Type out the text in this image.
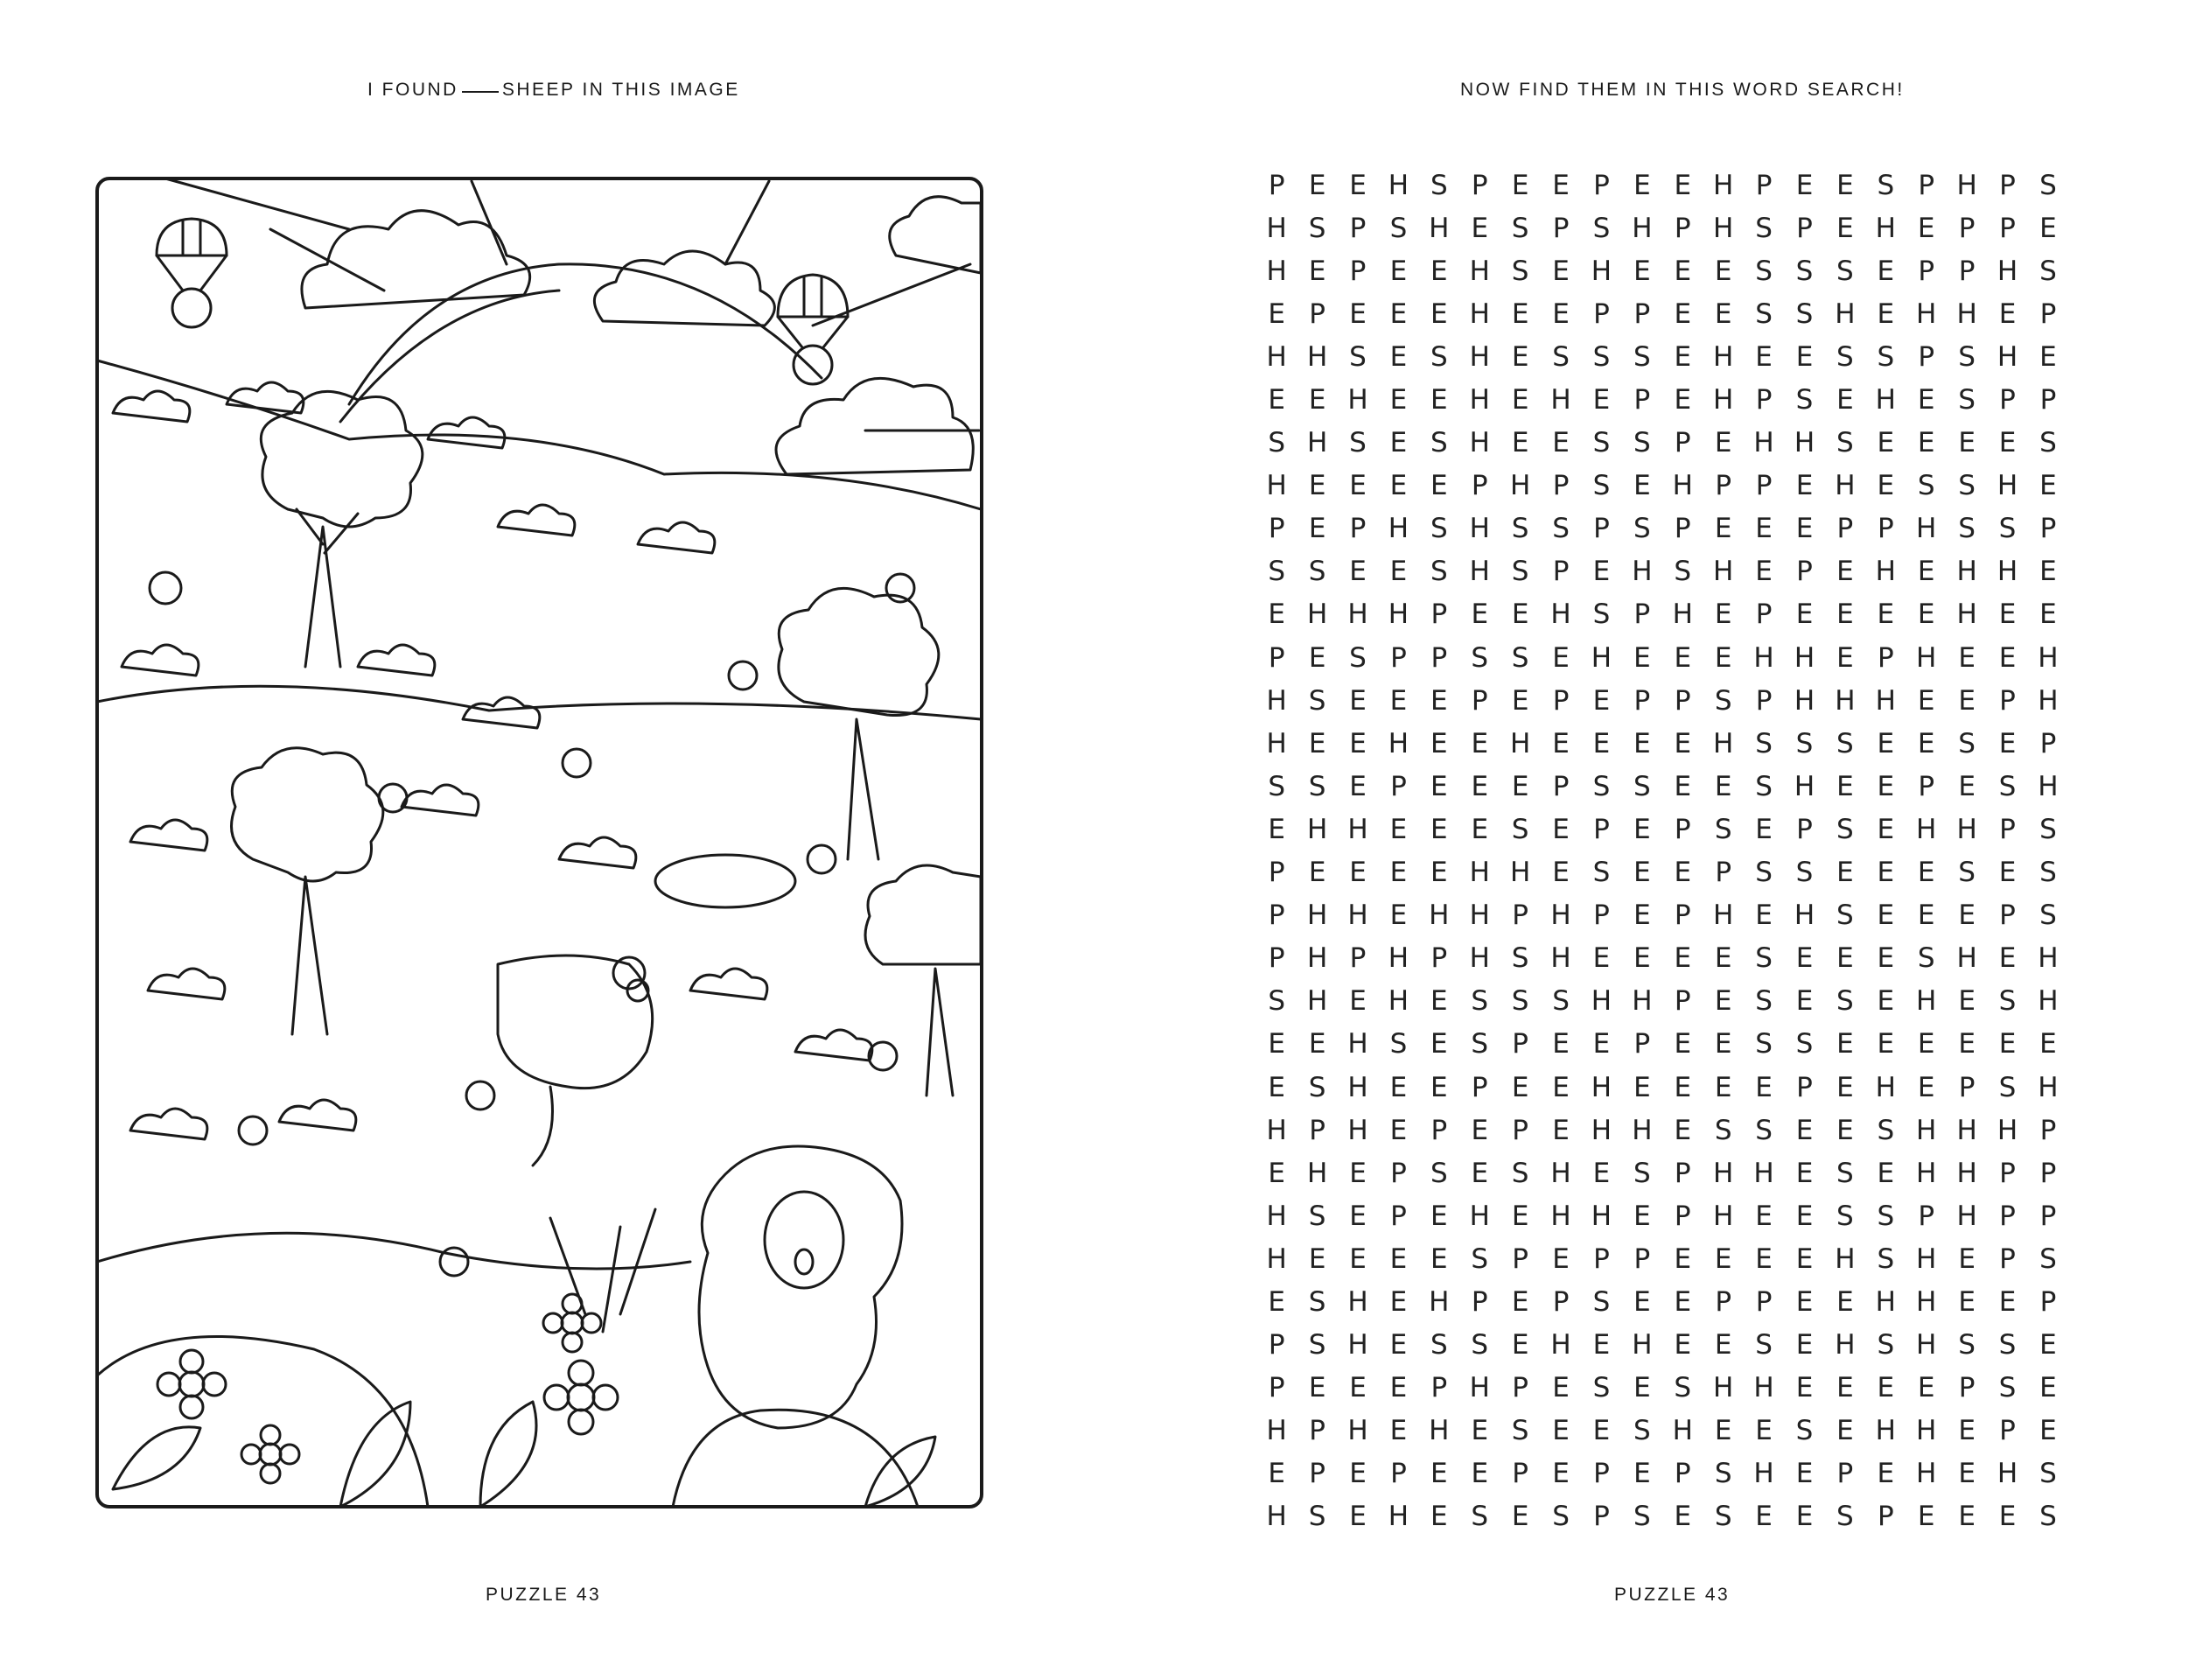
I FOUND SHEEP IN THIS IMAGE	NOW FIND THEM IN THIS WORD SEARCH!
P E E H S P E E P E E H P E E S P H P S
H S P S H E S P S H P H S P E H E P P E
H E P E E H S E H E E E S S S E P P H S
E P E E E H E E P P E E S S H E H H E P
H H S E S H E S S S E H E E S S P S H E
E E H E E H E H E P E H P S E H E S P P
S H S E S H E E S S P E H H S E E E E S
H E E E E P H P S E H P P E H E S S H E
P E P H S H S S P S P E E E P P H S S P
S S E E S H S P E H S H E P E H E H H E
E H H H P E E H S P H E P E E E E H E E
P E S P P S S E H E E E H H E P H E E H
H S E E E P E P E P P S P H H H E E P H
H E E H E E H E E E E H S S S E E S E P
S S E P E E E P S S E E S H E E P E S H
E H H E E E S E P E P S E P S E H H P S
P E E E E H H E S E E P S S E E E S E S
P H H E H H P H P E P H E H S E E E P S
P H P H P H S H E E E E S E E E S H E H
S H E H E S S S H H P E S E S E H E S H
E E H S E S P E E P E E S S E E E E E E
E S H E E P E E H E E E E P E H E P S H
H P H E P E P E H H E S S E E S H H H P
E H E P S E S H E S P H H E S E H H P P
H S E P E H E H H E P H E E S S P H P P
H E E E E S P E P P E E E E H S H E P S
E S H E H P E P S E E P P E E H H E E P
P S H E S S E H E H E E S E H S H S S E
P E E E P H P E S E S H H E E E E P S E
H P H E H E S E E S H E E S E H H E P E
E P E P E E P E P E P S H E P E H E H S
H S E H E S E S P S E S E E S P E E E S
PUZZLE 43	PUZZLE 43
